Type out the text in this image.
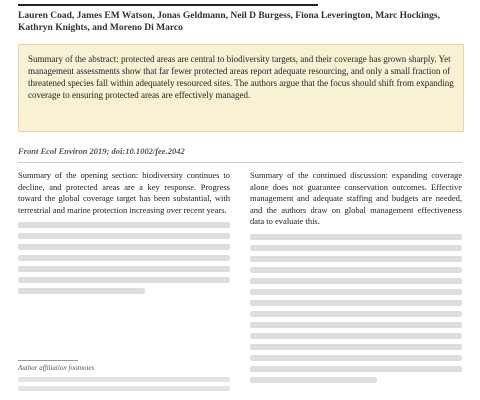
Lauren Coad, James EM Watson, Jonas Geldmann, Neil D Burgess, Fiona Leverington, Marc Hockings, Kathryn Knights, and Moreno Di Marco
Summary of the abstract: protected areas are central to biodiversity targets, and their coverage has grown sharply. Yet management assessments show that far fewer protected areas report adequate resourcing, and only a small fraction of threatened species fall within adequately resourced sites. The authors argue that the focus should shift from expanding coverage to ensuring protected areas are effectively managed.
Front Ecol Environ 2019; doi:10.1002/fee.2042

Summary of the opening section: biodiversity continues to decline, and protected areas are a key response. Progress toward the global coverage target has been substantial, with terrestrial and marine protection increasing over recent years.

Summary of the continued discussion: expanding coverage alone does not guarantee conservation outcomes. Effective management and adequate staffing and budgets are needed, and the authors draw on global management effectiveness data to evaluate this.

Author affiliation footnotes
